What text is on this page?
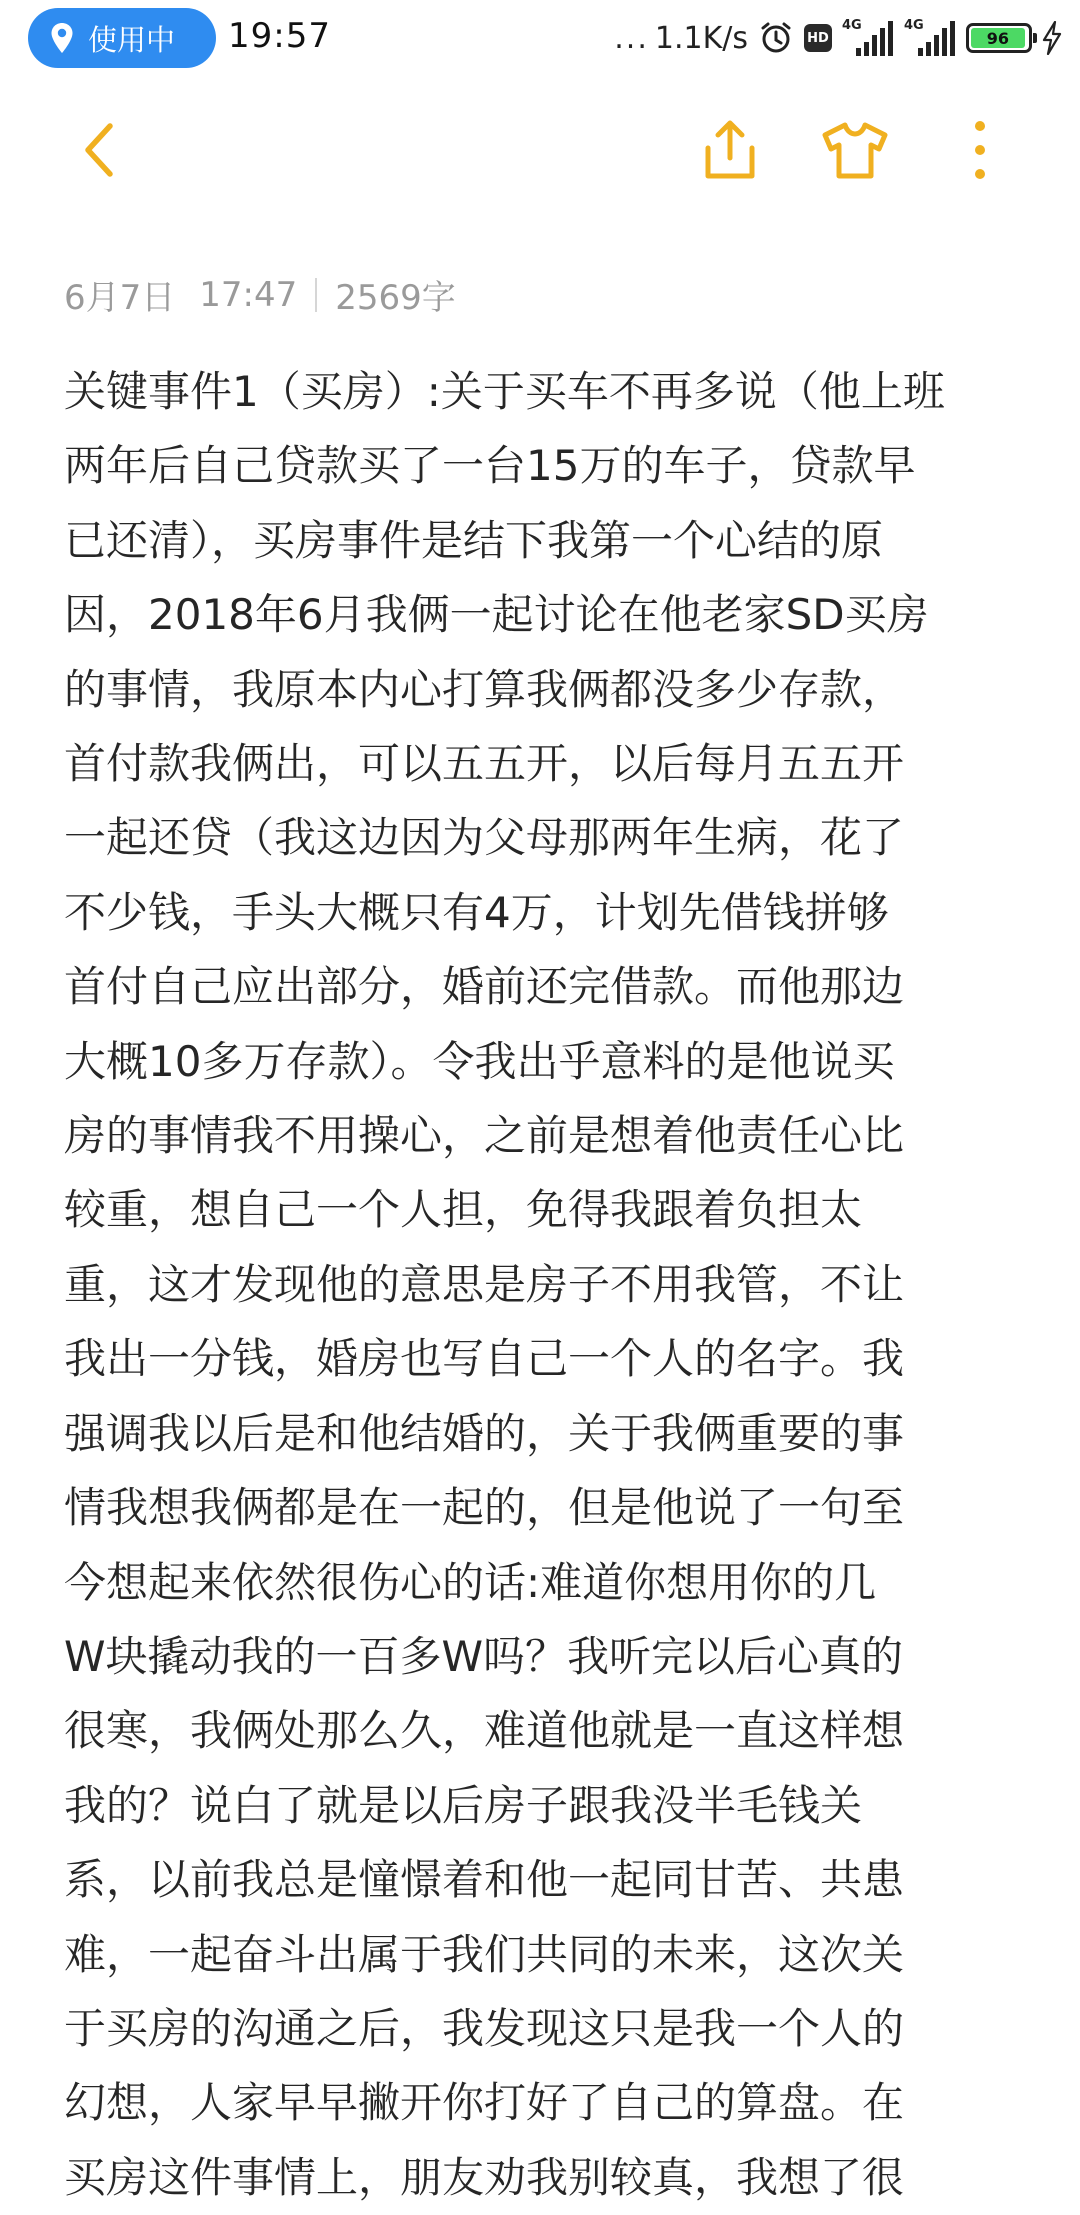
使用中 19:57	... 1.1K/s	HD
4G	4G
96
6月7日 17:47 2569字
关键事件1（买房）:关于买车不再多说（他上班
两年后自己贷款买了一台15万的车子，贷款早
已还清），买房事件是结下我第一个心结的原
因，2018年6月我俩一起讨论在他老家SD买房
的事情，我原本内心打算我俩都没多少存款，
首付款我俩出，可以五五开，以后每月五五开
一起还贷（我这边因为父母那两年生病，花了
不少钱，手头大概只有4万，计划先借钱拼够
首付自己应出部分，婚前还完借款。而他那边
大概10多万存款）。令我出乎意料的是他说买
房的事情我不用操心，之前是想着他责任心比
较重，想自己一个人担，免得我跟着负担太
重，这才发现他的意思是房子不用我管，不让
我出一分钱，婚房也写自己一个人的名字。我
强调我以后是和他结婚的，关于我俩重要的事
情我想我俩都是在一起的，但是他说了一句至
今想起来依然很伤心的话:难道你想用你的几
W块撬动我的一百多W吗？我听完以后心真的
很寒，我俩处那么久，难道他就是一直这样想
我的？说白了就是以后房子跟我没半毛钱关
系，以前我总是憧憬着和他一起同甘苦、共患
难，一起奋斗出属于我们共同的未来，这次关
于买房的沟通之后，我发现这只是我一个人的
幻想，人家早早撇开你打好了自己的算盘。在
买房这件事情上，朋友劝我别较真，我想了很
